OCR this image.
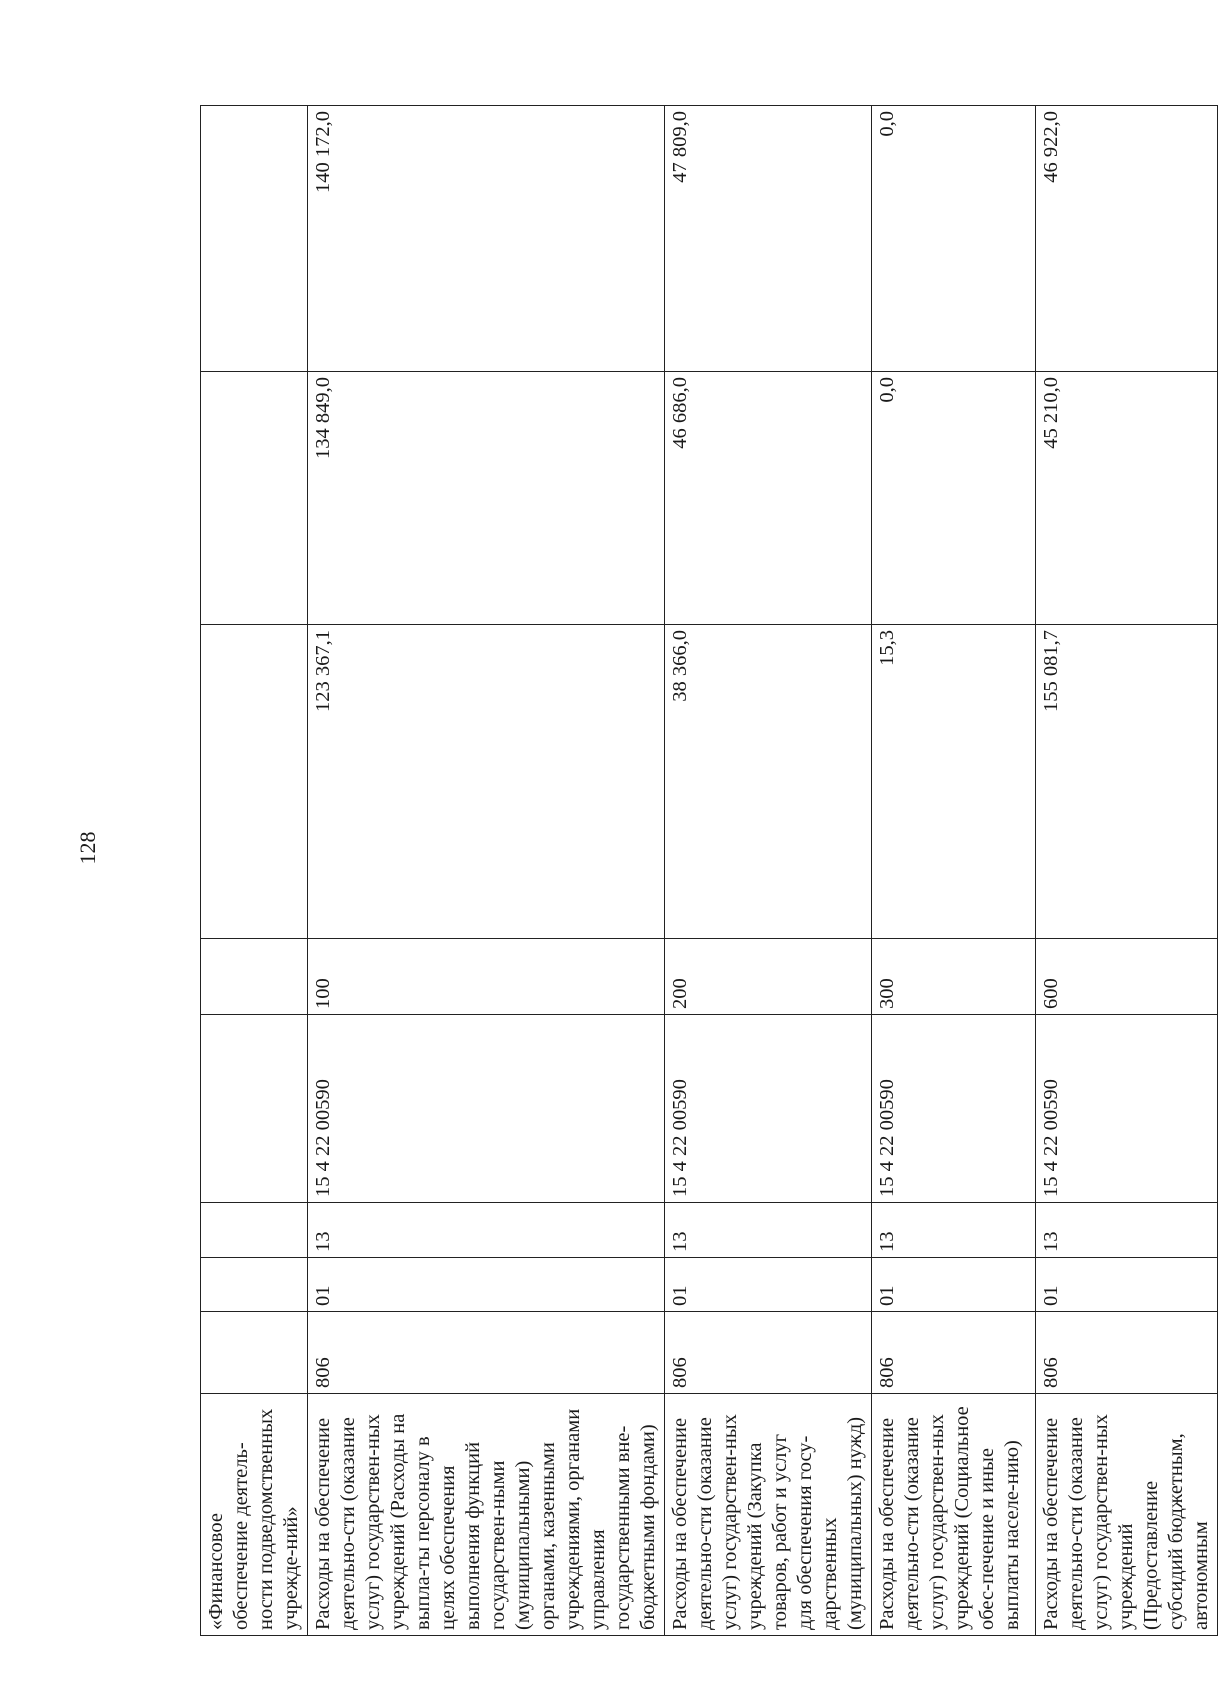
128
«Финансовое обеспечение деятель-ности подведомственных учрежде-ний»								
Расходы на обеспечение деятельно-сти (оказание услуг) государствен-ных учреждений (Расходы на выпла-ты персоналу в целях обеспечения выполнения функций государствен-ными (муниципальными) органами, казенными учреждениями, органами управления государственными вне-бюджетными фондами)	806	01	13	15 4 22 00590	100	123 367,1	134 849,0	140 172,0
Расходы на обеспечение деятельно-сти (оказание услуг) государствен-ных учреждений (Закупка товаров, работ и услуг для обеспечения госу-дарственных (муниципальных) нужд)	806	01	13	15 4 22 00590	200	38 366,0	46 686,0	47 809,0
Расходы на обеспечение деятельно-сти (оказание услуг) государствен-ных учреждений (Социальное обес-печение и иные выплаты населе-нию)	806	01	13	15 4 22 00590	300	15,3	0,0	0,0
Расходы на обеспечение деятельно-сти (оказание услуг) государствен-ных учреждений (Предоставление субсидий бюджетным, автономным	806	01	13	15 4 22 00590	600	155 081,7	45 210,0	46 922,0
